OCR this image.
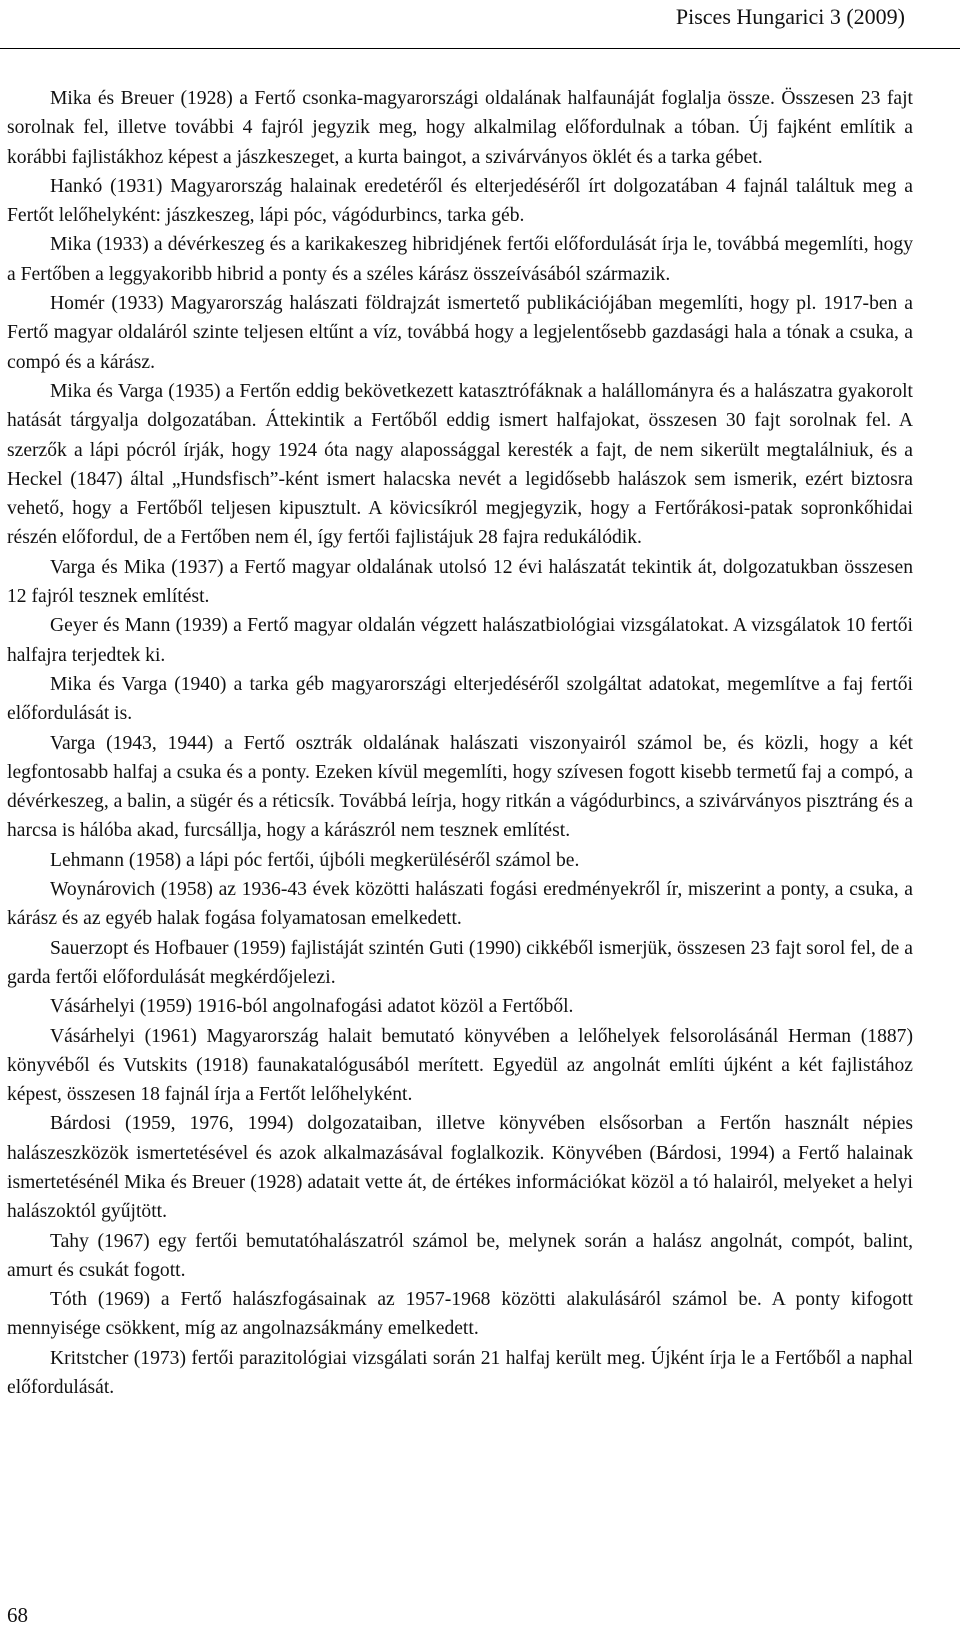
Pisces Hungarici 3 (2009)

Mika és Breuer (1928) a Fertő csonka-magyarországi oldalának halfaunáját foglalja össze. Összesen 23 fajt sorolnak fel, illetve további 4 fajról jegyzik meg, hogy alkalmilag előfordulnak a tóban. Új fajként említik a korábbi fajlistákhoz képest a jászkeszeget, a kurta baingot, a szivárványos öklét és a tarka gébet.

Hankó (1931) Magyarország halainak eredetéről és elterjedéséről írt dolgozatában 4 fajnál találtuk meg a Fertőt lelőhelyként: jászkeszeg, lápi póc, vágódurbincs, tarka géb.

Mika (1933) a dévérkeszeg és a karikakeszeg hibridjének fertői előfordulását írja le, továbbá megemlíti, hogy a Fertőben a leggyakoribb hibrid a ponty és a széles kárász összeívásából származik.

Homér (1933) Magyarország halászati földrajzát ismertető publikációjában megemlíti, hogy pl. 1917-ben a Fertő magyar oldaláról szinte teljesen eltűnt a víz, továbbá hogy a legjelentősebb gazdasági hala a tónak a csuka, a compó és a kárász.

Mika és Varga (1935) a Fertőn eddig bekövetkezett katasztrófáknak a halállományra és a halászatra gyakorolt hatását tárgyalja dolgozatában. Áttekintik a Fertőből eddig ismert halfajokat, összesen 30 fajt sorolnak fel. A szerzők a lápi pócról írják, hogy 1924 óta nagy alapossággal keresték a fajt, de nem sikerült megtalálniuk, és a Heckel (1847) által „Hundsfisch”-ként ismert halacska nevét a legidősebb halászok sem ismerik, ezért biztosra vehető, hogy a Fertőből teljesen kipusztult. A kövicsíkról megjegyzik, hogy a Fertőrákosi-patak sopronkőhidai részén előfordul, de a Fertőben nem él, így fertői fajlistájuk 28 fajra redukálódik.

Varga és Mika (1937) a Fertő magyar oldalának utolsó 12 évi halászatát tekintik át, dolgozatukban összesen 12 fajról tesznek említést.

Geyer és Mann (1939) a Fertő magyar oldalán végzett halászatbiológiai vizsgálatokat. A vizsgálatok 10 fertői halfajra terjedtek ki.

Mika és Varga (1940) a tarka géb magyarországi elterjedéséről szolgáltat adatokat, megemlítve a faj fertői előfordulását is.

Varga (1943, 1944) a Fertő osztrák oldalának halászati viszonyairól számol be, és közli, hogy a két legfontosabb halfaj a csuka és a ponty. Ezeken kívül megemlíti, hogy szívesen fogott kisebb termetű faj a compó, a dévérkeszeg, a balin, a sügér és a réticsík. Továbbá leírja, hogy ritkán a vágódurbincs, a szivárványos pisztráng és a harcsa is hálóba akad, furcsállja, hogy a kárászról nem tesznek említést.

Lehmann (1958) a lápi póc fertői, újbóli megkerüléséről számol be.

Woynárovich (1958) az 1936-43 évek közötti halászati fogási eredményekről ír, miszerint a ponty, a csuka, a kárász és az egyéb halak fogása folyamatosan emelkedett.

Sauerzopt és Hofbauer (1959) fajlistáját szintén Guti (1990) cikkéből ismerjük, összesen 23 fajt sorol fel, de a garda fertői előfordulását megkérdőjelezi.

Vásárhelyi (1959) 1916-ból angolnafogási adatot közöl a Fertőből.

Vásárhelyi (1961) Magyarország halait bemutató könyvében a lelőhelyek felsorolásánál Herman (1887) könyvéből és Vutskits (1918) faunakatalógusából merített. Egyedül az angolnát említi újként a két fajlistához képest, összesen 18 fajnál írja a Fertőt lelőhelyként.

Bárdosi (1959, 1976, 1994) dolgozataiban, illetve könyvében elsősorban a Fertőn használt népies halászeszközök ismertetésével és azok alkalmazásával foglalkozik. Könyvében (Bárdosi, 1994) a Fertő halainak ismertetésénél Mika és Breuer (1928) adatait vette át, de értékes információkat közöl a tó halairól, melyeket a helyi halászoktól gyűjtött.

Tahy (1967) egy fertői bemutatóhalászatról számol be, melynek során a halász angolnát, compót, balint, amurt és csukát fogott.

Tóth (1969) a Fertő halászfogásainak az 1957-1968 közötti alakulásáról számol be. A ponty kifogott mennyisége csökkent, míg az angolnazsákmány emelkedett.

Kritstcher (1973) fertői parazitológiai vizsgálati során 21 halfaj került meg. Újként írja le a Fertőből a naphal előfordulását.

68
